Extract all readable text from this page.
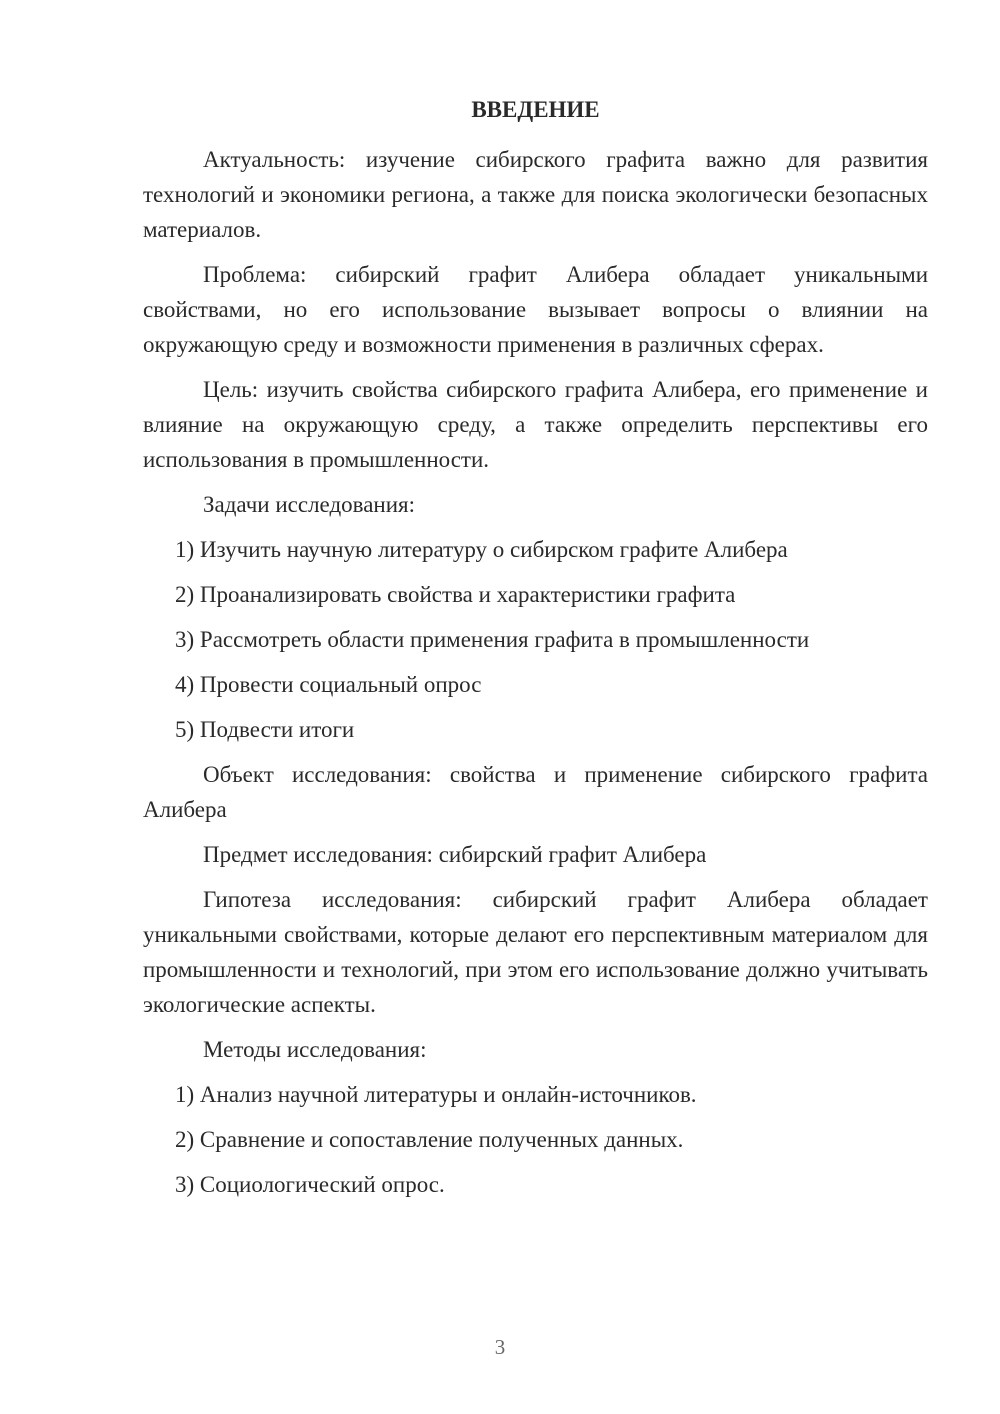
ВВЕДЕНИЕ
Актуальность: изучение сибирского графита важно для развития технологий и экономики региона, а также для поиска экологически безопасных материалов.
Проблема: сибирский графит Алибера обладает уникальными свойствами, но его использование вызывает вопросы о влиянии на окружающую среду и возможности применения в различных сферах.
Цель: изучить свойства сибирского графита Алибера, его применение и влияние на окружающую среду, а также определить перспективы его использования в промышленности.
Задачи исследования:
1) Изучить научную литературу о сибирском графите Алибера
2) Проанализировать свойства и характеристики графита
3) Рассмотреть области применения графита в промышленности
4) Провести социальный опрос
5) Подвести итоги
Объект исследования: свойства и применение сибирского графита Алибера
Предмет исследования: сибирский графит Алибера
Гипотеза исследования: сибирский графит Алибера обладает уникальными свойствами, которые делают его перспективным материалом для промышленности и технологий, при этом его использование должно учитывать экологические аспекты.
Методы исследования:
1) Анализ научной литературы и онлайн-источников.
2) Сравнение и сопоставление полученных данных.
3) Социологический опрос.
3
